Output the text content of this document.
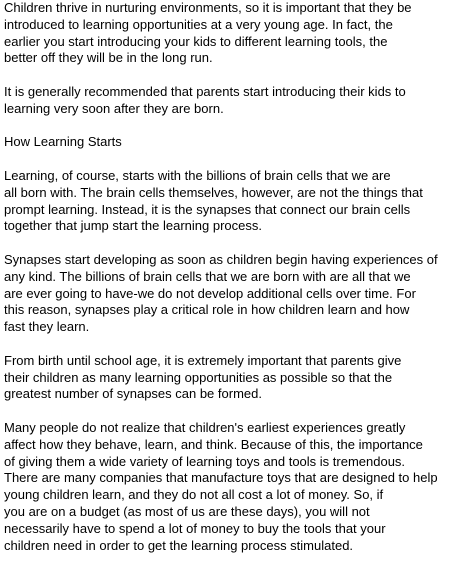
Children thrive in nurturing environments, so it is important that they be
introduced to learning opportunities at a very young age. In fact, the
earlier you start introducing your kids to different learning tools, the
better off they will be in the long run.

It is generally recommended that parents start introducing their kids to
learning very soon after they are born.

How Learning Starts

Learning, of course, starts with the billions of brain cells that we are
all born with. The brain cells themselves, however, are not the things that
prompt learning. Instead, it is the synapses that connect our brain cells
together that jump start the learning process.

Synapses start developing as soon as children begin having experiences of
any kind. The billions of brain cells that we are born with are all that we
are ever going to have-we do not develop additional cells over time. For
this reason, synapses play a critical role in how children learn and how
fast they learn.

From birth until school age, it is extremely important that parents give
their children as many learning opportunities as possible so that the
greatest number of synapses can be formed.

Many people do not realize that children's earliest experiences greatly
affect how they behave, learn, and think. Because of this, the importance
of giving them a wide variety of learning toys and tools is tremendous.
There are many companies that manufacture toys that are designed to help
young children learn, and they do not all cost a lot of money. So, if
you are on a budget (as most of us are these days), you will not
necessarily have to spend a lot of money to buy the tools that your
children need in order to get the learning process stimulated.
